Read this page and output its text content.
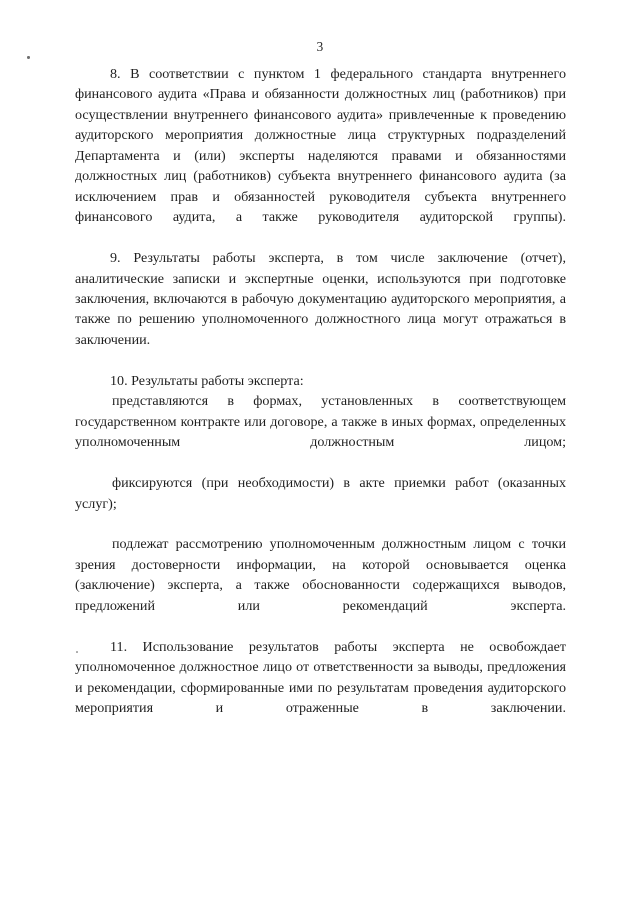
3

8. В соответствии с пунктом 1 федерального стандарта внутреннего финансового аудита «Права и обязанности должностных лиц (работников) при осуществлении внутреннего финансового аудита» привлеченные к проведению аудиторского мероприятия должностные лица структурных подразделений Департамента и (или) эксперты наделяются правами и обязанностями должностных лиц (работников) субъекта внутреннего финансового аудита (за исключением прав и обязанностей руководителя субъекта внутреннего финансового аудита, а также руководителя аудиторской группы).

9. Результаты работы эксперта, в том числе заключение (отчет), аналитические записки и экспертные оценки, используются при подготовке заключения, включаются в рабочую документацию аудиторского мероприятия, а также по решению уполномоченного должностного лица могут отражаться в заключении.

10. Результаты работы эксперта:

представляются в формах, установленных в соответствующем государственном контракте или договоре, а также в иных формах, определенных уполномоченным должностным лицом;

фиксируются (при необходимости) в акте приемки работ (оказанных услуг);

подлежат рассмотрению уполномоченным должностным лицом с точки зрения достоверности информации, на которой основывается оценка (заключение) эксперта, а также обоснованности содержащихся выводов, предложений или рекомендаций эксперта.

11. Использование результатов работы эксперта не освобождает уполномоченное должностное лицо от ответственности за выводы, предложения и рекомендации, сформированные ими по результатам проведения аудиторского мероприятия и отраженные в заключении.
